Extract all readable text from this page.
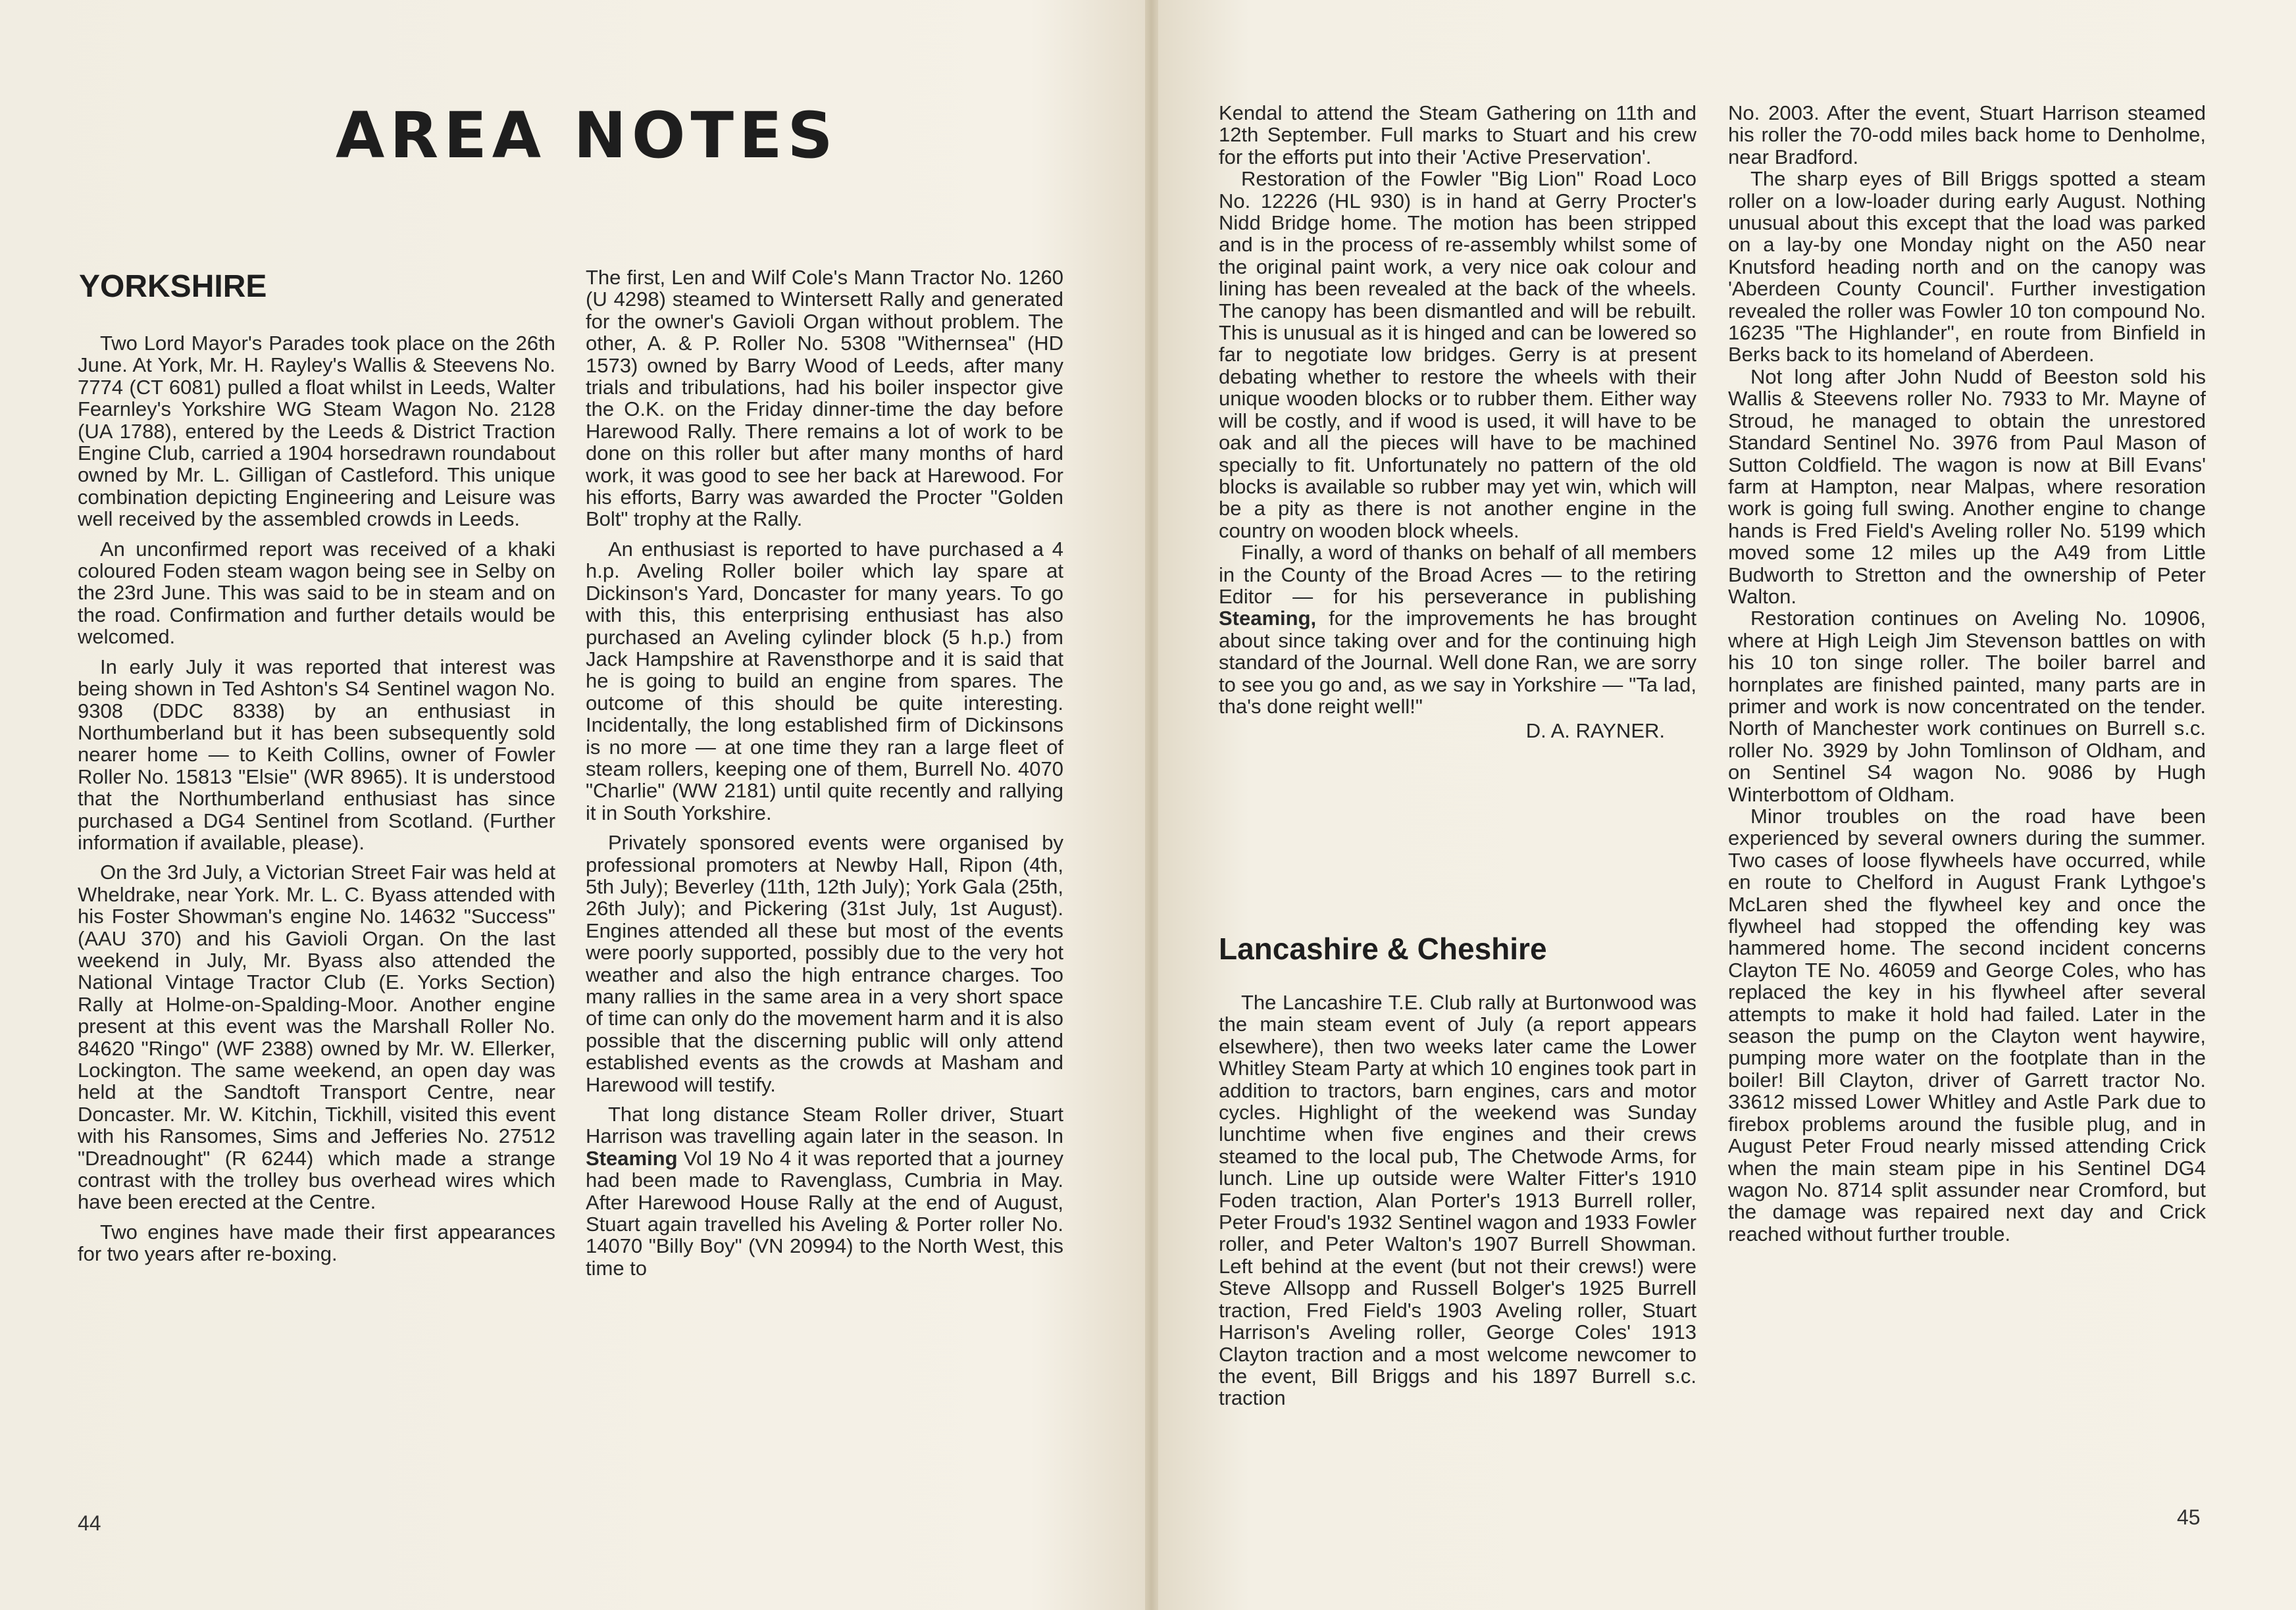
AREA NOTES
YORKSHIRE

Two Lord Mayor's Parades took place on the 26th June. At York, Mr. H. Rayley's Wallis & Steevens No. 7774 (CT 6081) pulled a float whilst in Leeds, Walter Fearnley's Yorkshire WG Steam Wagon No. 2128 (UA 1788), entered by the Leeds & District Traction Engine Club, carried a 1904 horsedrawn roundabout owned by Mr. L. Gilligan of Castleford. This unique combination depicting Engineering and Leisure was well received by the assembled crowds in Leeds.

An unconfirmed report was received of a khaki coloured Foden steam wagon being see in Selby on the 23rd June. This was said to be in steam and on the road. Confirmation and further details would be welcomed.

In early July it was reported that interest was being shown in Ted Ashton's S4 Sentinel wagon No. 9308 (DDC 8338) by an enthusiast in Northumberland but it has been subsequently sold nearer home — to Keith Collins, owner of Fowler Roller No. 15813 "Elsie" (WR 8965). It is understood that the Northumberland enthusiast has since purchased a DG4 Sentinel from Scotland. (Further information if available, please).

On the 3rd July, a Victorian Street Fair was held at Wheldrake, near York. Mr. L. C. Byass attended with his Foster Showman's engine No. 14632 "Success" (AAU 370) and his Gavioli Organ. On the last weekend in July, Mr. Byass also attended the National Vintage Tractor Club (E. Yorks Section) Rally at Holme-on-Spalding-Moor. Another engine present at this event was the Marshall Roller No. 84620 "Ringo" (WF 2388) owned by Mr. W. Ellerker, Lockington. The same weekend, an open day was held at the Sandtoft Transport Centre, near Doncaster. Mr. W. Kitchin, Tickhill, visited this event with his Ransomes, Sims and Jefferies No. 27512 "Dreadnought" (R 6244) which made a strange contrast with the trolley bus overhead wires which have been erected at the Centre.

Two engines have made their first appearances for two years after re-boxing.

The first, Len and Wilf Cole's Mann Tractor No. 1260 (U 4298) steamed to Wintersett Rally and generated for the owner's Gavioli Organ without problem. The other, A. & P. Roller No. 5308 "Withernsea" (HD 1573) owned by Barry Wood of Leeds, after many trials and tribulations, had his boiler inspector give the O.K. on the Friday dinner-time the day before Harewood Rally. There remains a lot of work to be done on this roller but after many months of hard work, it was good to see her back at Harewood. For his efforts, Barry was awarded the Procter "Golden Bolt" trophy at the Rally.

An enthusiast is reported to have purchased a 4 h.p. Aveling Roller boiler which lay spare at Dickinson's Yard, Doncaster for many years. To go with this, this enterprising enthusiast has also purchased an Aveling cylinder block (5 h.p.) from Jack Hampshire at Ravensthorpe and it is said that he is going to build an engine from spares. The outcome of this should be quite interesting. Incidentally, the long established firm of Dickinsons is no more — at one time they ran a large fleet of steam rollers, keeping one of them, Burrell No. 4070 "Charlie" (WW 2181) until quite recently and rallying it in South Yorkshire.

Privately sponsored events were organised by professional promoters at Newby Hall, Ripon (4th, 5th July); Beverley (11th, 12th July); York Gala (25th, 26th July); and Pickering (31st July, 1st August). Engines attended all these but most of the events were poorly supported, possibly due to the very hot weather and also the high entrance charges. Too many rallies in the same area in a very short space of time can only do the movement harm and it is also possible that the discerning public will only attend established events as the crowds at Masham and Harewood will testify.

That long distance Steam Roller driver, Stuart Harrison was travelling again later in the season. In Steaming Vol 19 No 4 it was reported that a journey had been made to Ravenglass, Cumbria in May. After Harewood House Rally at the end of August, Stuart again travelled his Aveling & Porter roller No. 14070 "Billy Boy" (VN 20994) to the North West, this time to

44

Kendal to attend the Steam Gathering on 11th and 12th September. Full marks to Stuart and his crew for the efforts put into their 'Active Preservation'.

Restoration of the Fowler "Big Lion" Road Loco No. 12226 (HL 930) is in hand at Gerry Procter's Nidd Bridge home. The motion has been stripped and is in the process of re-assembly whilst some of the original paint work, a very nice oak colour and lining has been revealed at the back of the wheels. The canopy has been dismantled and will be rebuilt. This is unusual as it is hinged and can be lowered so far to negotiate low bridges. Gerry is at present debating whether to restore the wheels with their unique wooden blocks or to rubber them. Either way will be costly, and if wood is used, it will have to be oak and all the pieces will have to be machined specially to fit. Unfortunately no pattern of the old blocks is available so rubber may yet win, which will be a pity as there is not another engine in the country on wooden block wheels.

Finally, a word of thanks on behalf of all members in the County of the Broad Acres — to the retiring Editor — for his perseverance in publishing Steaming, for the improvements he has brought about since taking over and for the continuing high standard of the Journal. Well done Ran, we are sorry to see you go and, as we say in Yorkshire — "Ta lad, tha's done reight well!"

D. A. RAYNER.

Lancashire & Cheshire

The Lancashire T.E. Club rally at Burtonwood was the main steam event of July (a report appears elsewhere), then two weeks later came the Lower Whitley Steam Party at which 10 engines took part in addition to tractors, barn engines, cars and motor cycles. Highlight of the weekend was Sunday lunchtime when five engines and their crews steamed to the local pub, The Chetwode Arms, for lunch. Line up outside were Walter Fitter's 1910 Foden traction, Alan Porter's 1913 Burrell roller, Peter Froud's 1932 Sentinel wagon and 1933 Fowler roller, and Peter Walton's 1907 Burrell Showman. Left behind at the event (but not their crews!) were Steve Allsopp and Russell Bolger's 1925 Burrell traction, Fred Field's 1903 Aveling roller, Stuart Harrison's Aveling roller, George Coles' 1913 Clayton traction and a most welcome newcomer to the event, Bill Briggs and his 1897 Burrell s.c. traction

No. 2003. After the event, Stuart Harrison steamed his roller the 70-odd miles back home to Denholme, near Bradford.

The sharp eyes of Bill Briggs spotted a steam roller on a low-loader during early August. Nothing unusual about this except that the load was parked on a lay-by one Monday night on the A50 near Knutsford heading north and on the canopy was 'Aberdeen County Council'. Further investigation revealed the roller was Fowler 10 ton compound No. 16235 "The Highlander", en route from Binfield in Berks back to its homeland of Aberdeen.

Not long after John Nudd of Beeston sold his Wallis & Steevens roller No. 7933 to Mr. Mayne of Stroud, he managed to obtain the unrestored Standard Sentinel No. 3976 from Paul Mason of Sutton Coldfield. The wagon is now at Bill Evans' farm at Hampton, near Malpas, where resoration work is going full swing. Another engine to change hands is Fred Field's Aveling roller No. 5199 which moved some 12 miles up the A49 from Little Budworth to Stretton and the ownership of Peter Walton.

Restoration continues on Aveling No. 10906, where at High Leigh Jim Stevenson battles on with his 10 ton singe roller. The boiler barrel and hornplates are finished painted, many parts are in primer and work is now concentrated on the tender. North of Manchester work continues on Burrell s.c. roller No. 3929 by John Tomlinson of Oldham, and on Sentinel S4 wagon No. 9086 by Hugh Winterbottom of Oldham.

Minor troubles on the road have been experienced by several owners during the summer. Two cases of loose flywheels have occurred, while en route to Chelford in August Frank Lythgoe's McLaren shed the flywheel key and once the flywheel had stopped the offending key was hammered home. The second incident concerns Clayton TE No. 46059 and George Coles, who has replaced the key in his flywheel after several attempts to make it hold had failed. Later in the season the pump on the Clayton went haywire, pumping more water on the footplate than in the boiler! Bill Clayton, driver of Garrett tractor No. 33612 missed Lower Whitley and Astle Park due to firebox problems around the fusible plug, and in August Peter Froud nearly missed attending Crick when the main steam pipe in his Sentinel DG4 wagon No. 8714 split assunder near Cromford, but the damage was repaired next day and Crick reached without further trouble.

45
